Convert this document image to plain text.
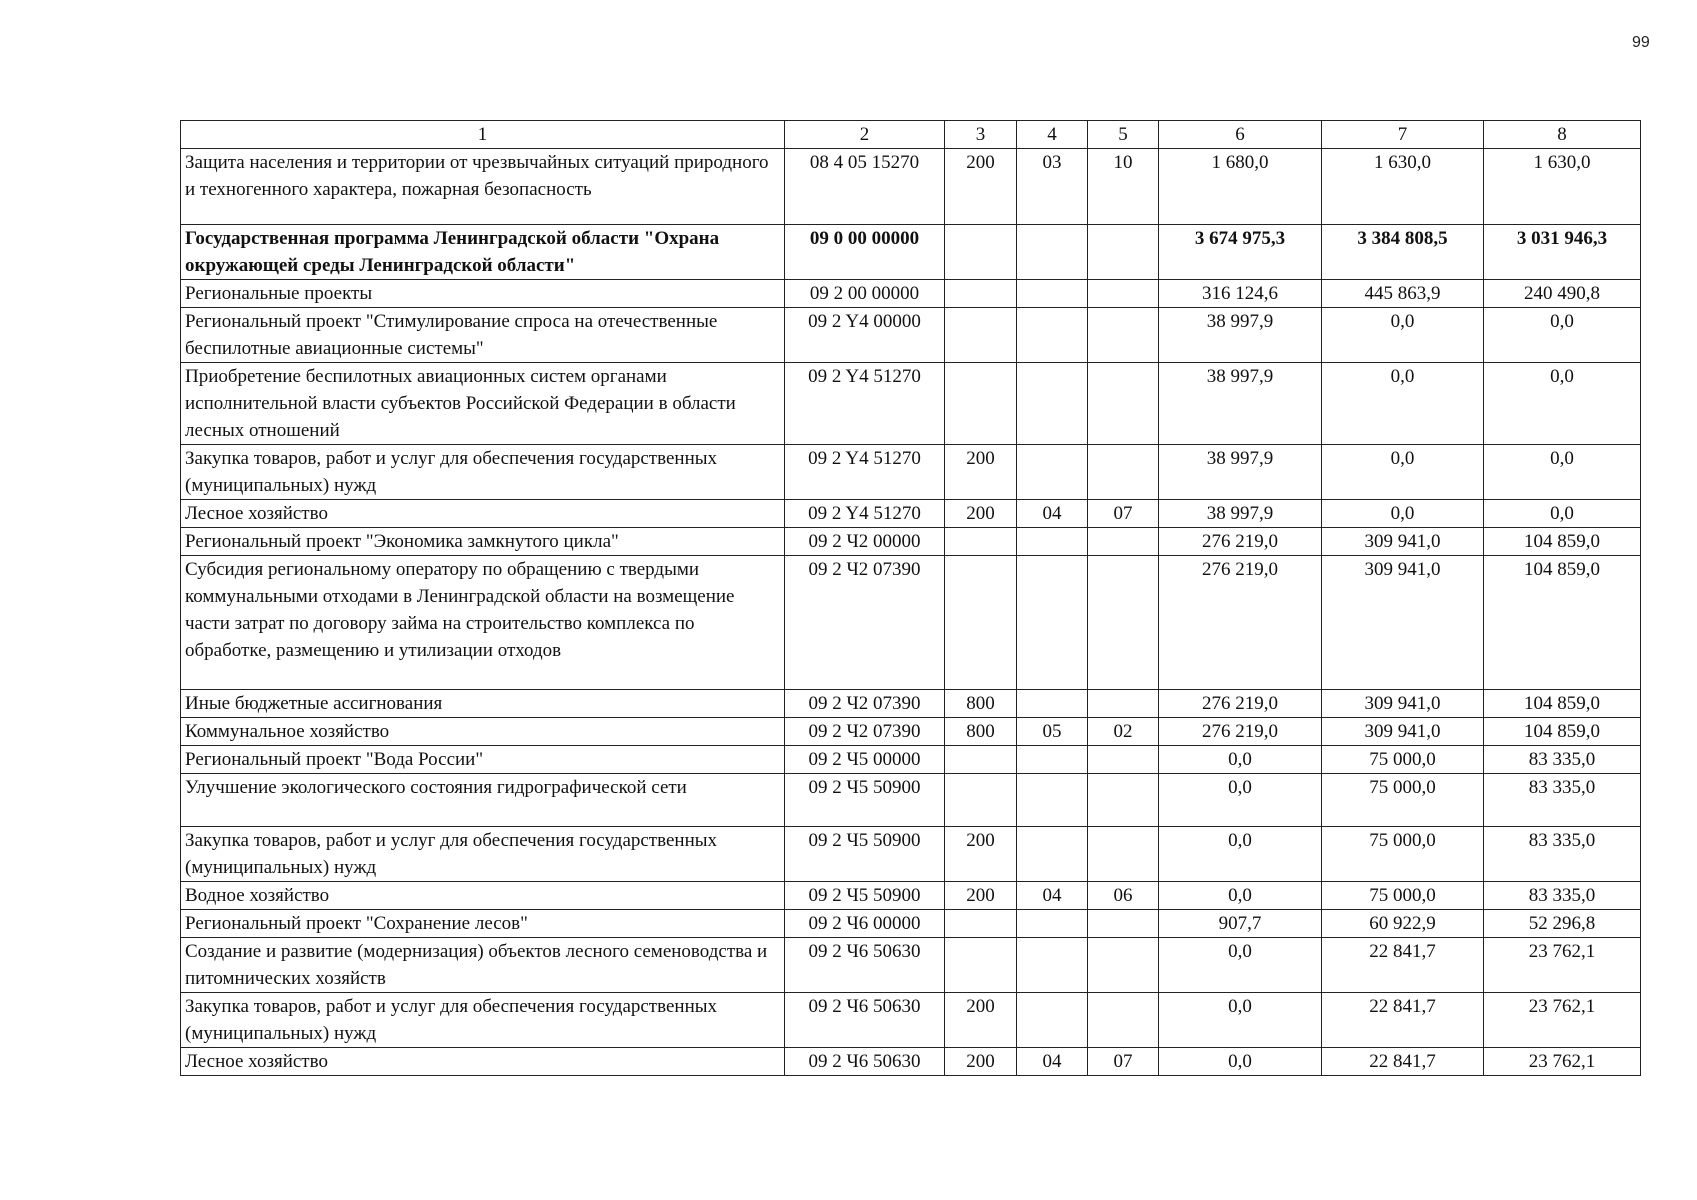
99
1	2	3	4	5	6	7	8
Защита населения и территории от чрезвычайных ситуаций природного и техногенного характера, пожарная безопасность	08 4 05 15270	200	03	10	1 680,0	1 630,0	1 630,0
Государственная программа Ленинградской области "Охрана окружающей среды Ленинградской области"	09 0 00 00000				3 674 975,3	3 384 808,5	3 031 946,3
Региональные проекты	09 2 00 00000				316 124,6	445 863,9	240 490,8
Региональный проект "Стимулирование спроса на отечественные беспилотные авиационные системы"	09 2 Y4 00000				38 997,9	0,0	0,0
Приобретение беспилотных авиационных систем органами исполнительной власти субъектов Российской Федерации в области лесных отношений	09 2 Y4 51270				38 997,9	0,0	0,0
Закупка товаров, работ и услуг для обеспечения государственных (муниципальных) нужд	09 2 Y4 51270	200			38 997,9	0,0	0,0
Лесное хозяйство	09 2 Y4 51270	200	04	07	38 997,9	0,0	0,0
Региональный проект "Экономика замкнутого цикла"	09 2 Ч2 00000				276 219,0	309 941,0	104 859,0
Субсидия региональному оператору по обращению с твердыми коммунальными отходами в Ленинградской области на возмещение части затрат по договору займа на строительство комплекса по обработке, размещению и утилизации отходов	09 2 Ч2 07390				276 219,0	309 941,0	104 859,0
Иные бюджетные ассигнования	09 2 Ч2 07390	800			276 219,0	309 941,0	104 859,0
Коммунальное хозяйство	09 2 Ч2 07390	800	05	02	276 219,0	309 941,0	104 859,0
Региональный проект "Вода России"	09 2 Ч5 00000				0,0	75 000,0	83 335,0
Улучшение экологического состояния гидрографической сети	09 2 Ч5 50900				0,0	75 000,0	83 335,0
Закупка товаров, работ и услуг для обеспечения государственных (муниципальных) нужд	09 2 Ч5 50900	200			0,0	75 000,0	83 335,0
Водное хозяйство	09 2 Ч5 50900	200	04	06	0,0	75 000,0	83 335,0
Региональный проект "Сохранение лесов"	09 2 Ч6 00000				907,7	60 922,9	52 296,8
Создание и развитие (модернизация) объектов лесного семеноводства и питомнических хозяйств	09 2 Ч6 50630				0,0	22 841,7	23 762,1
Закупка товаров, работ и услуг для обеспечения государственных (муниципальных) нужд	09 2 Ч6 50630	200			0,0	22 841,7	23 762,1
Лесное хозяйство	09 2 Ч6 50630	200	04	07	0,0	22 841,7	23 762,1
